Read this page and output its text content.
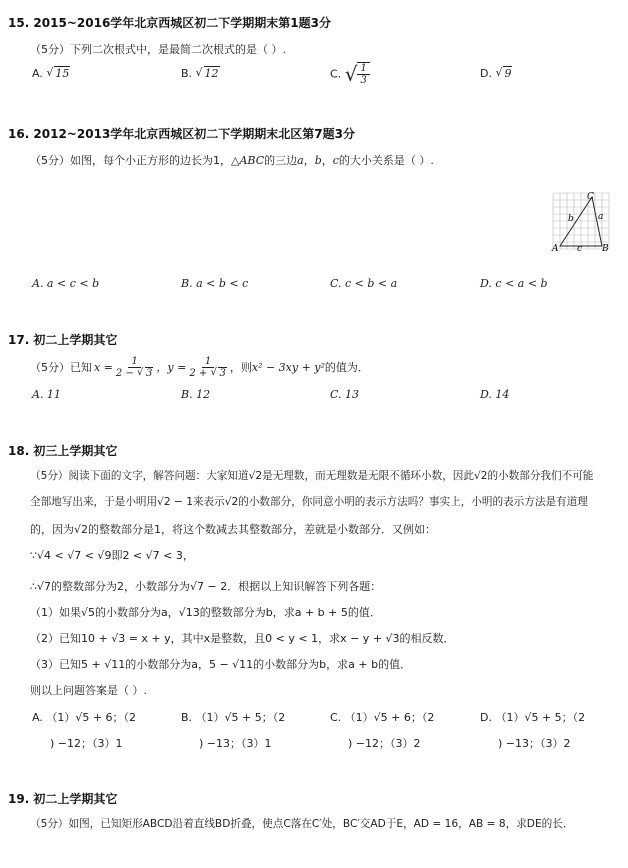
15. 2015~2016学年北京西城区初二下学期期末第1题3分
（5分）下列二次根式中，是最简二次根式的是（ ）.
A. √ 15	B. √ 12	C. √ $\frac{1}{3}$	D. √ 9
16. 2012~2013学年北京西城区初二下学期期末北区第7题3分
（5分）如图，每个小正方形的边长为1，△ABC的三边a，b，c的大小关系是（ ）.
C
A	B
a
b
c
A. a < c < b	B. a < b < c	C. c < b < a	D. c < a < b
17. 初二上学期其它
（5分）已知 $x = \frac{1}{2 - √ 3}$ ，$y = \frac{1}{2 + √ 3}$ ，则 x² − 3xy + y² 的值为．
A. 11	B. 12	C. 13	D. 14
18. 初三上学期其它
（5分）阅读下面的文字，解答问题：大家知道√2是无理数，而无理数是无限不循环小数，因此√2的小数部分我们不可能
全部地写出来，于是小明用√2 − 1来表示√2的小数部分，你同意小明的表示方法吗？事实上，小明的表示方法是有道理
的，因为√2的整数部分是1，将这个数减去其整数部分，差就是小数部分．又例如：
∵√4 < √7 < √9即2 < √7 < 3，
∴√7的整数部分为2，小数部分为√7 − 2．根据以上知识解答下列各题：
（1）如果√5的小数部分为a，√13的整数部分为b，求a + b + 5的值．
（2）已知10 + √3 = x + y，其中x是整数，且0 < y < 1，求x − y + √3的相反数．
（3）已知5 + √11的小数部分为a，5 − √11的小数部分为b，求a + b的值．
则以上问题答案是（ ）.
A. （1）√5 + 6；（2
) −12；（3）1
B. （1）√5 + 5；（2
) −13；（3）1
C. （1）√5 + 6；（2
) −12；（3）2
D. （1）√5 + 5；（2
) −13；（3）2
19. 初二上学期其它
（5分）如图，已知矩形ABCD沿着直线BD折叠，使点C落在C′处，BC′交AD于E，AD = 16，AB = 8，求DE的长．
